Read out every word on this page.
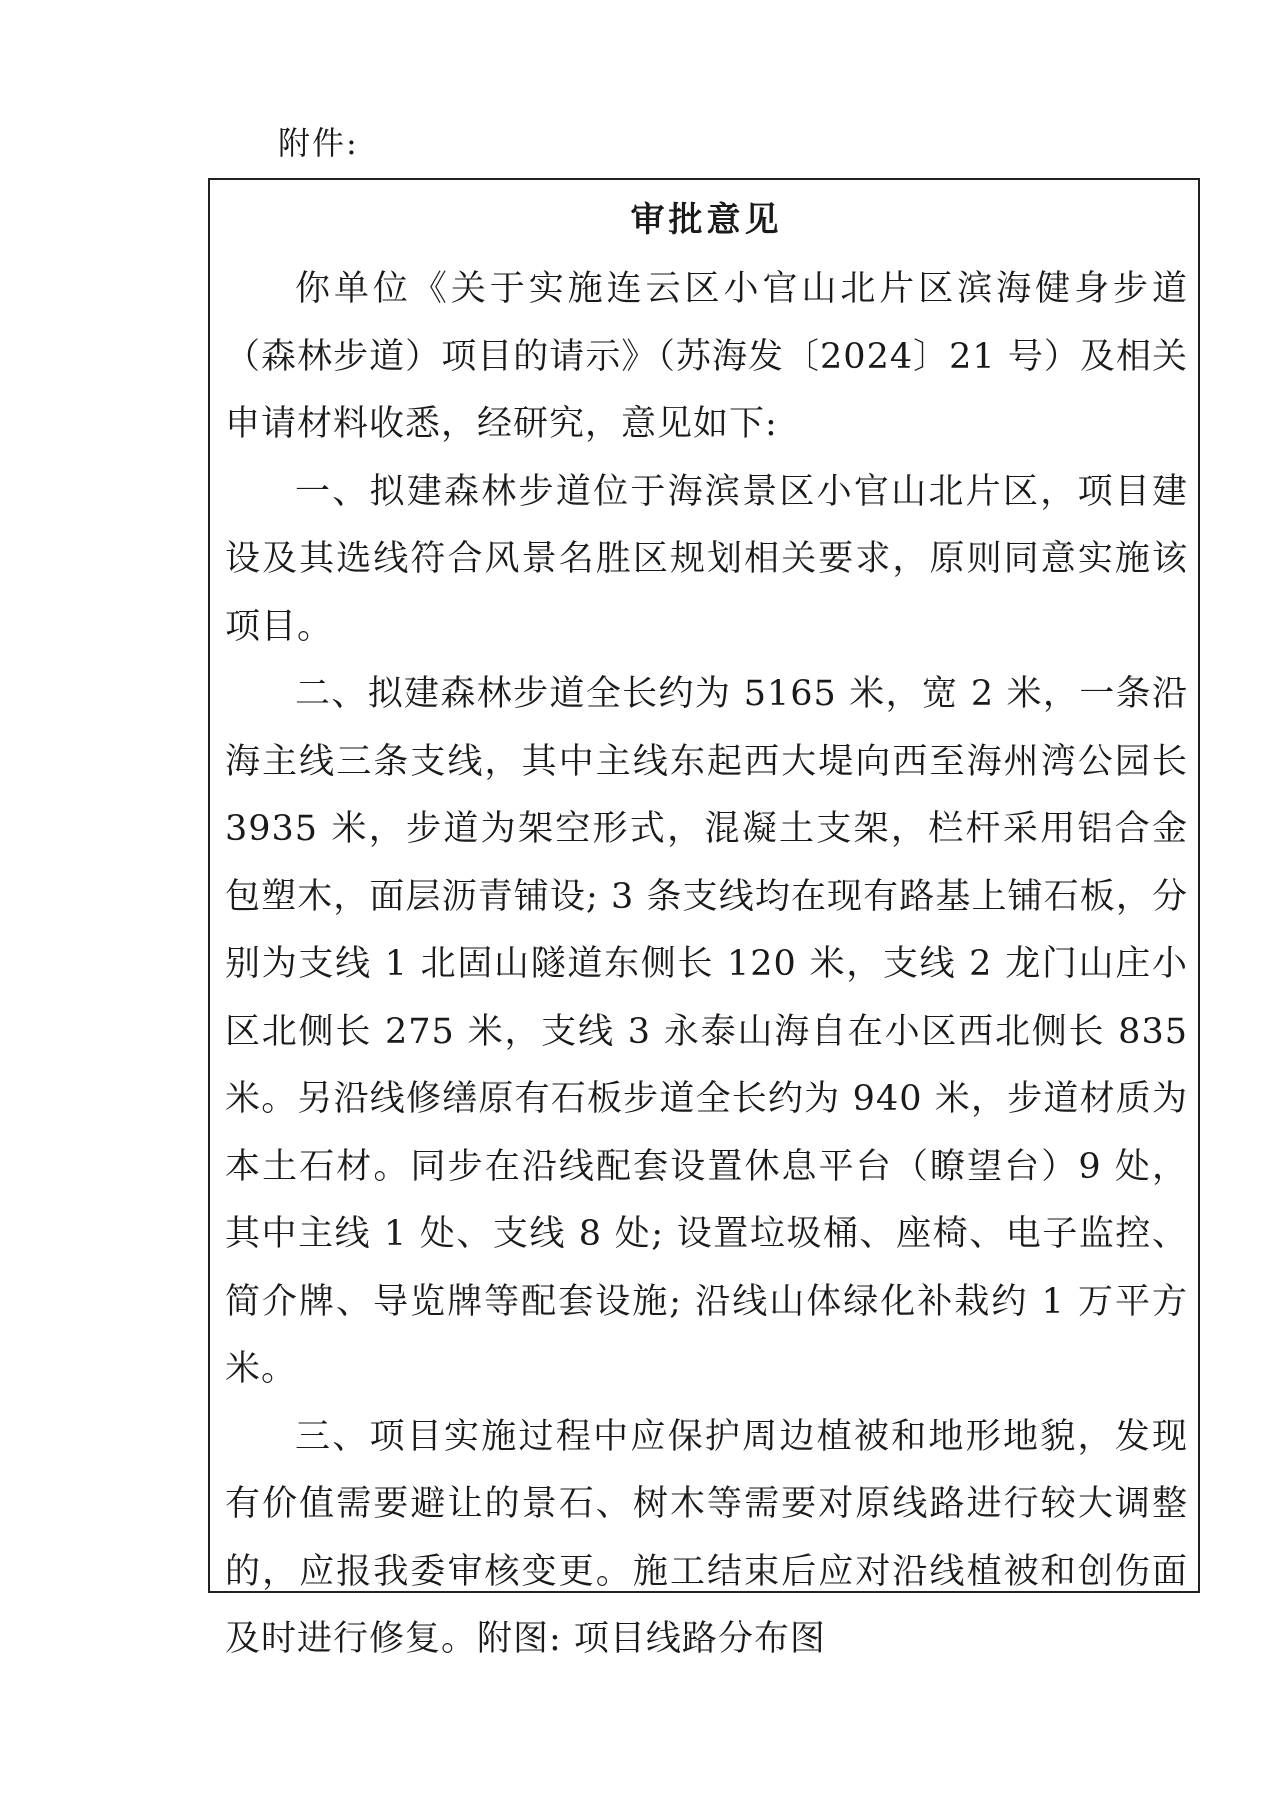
附件:
审批意见

你单位《关于实施连云区小官山北片区滨海健身步道（森林步道）项目的请示》（苏海发〔2024〕21 号）及相关申请材料收悉，经研究，意见如下:

一、拟建森林步道位于海滨景区小官山北片区，项目建设及其选线符合风景名胜区规划相关要求，原则同意实施该项目。

二、拟建森林步道全长约为 5165 米，宽 2 米，一条沿海主线三条支线，其中主线东起西大堤向西至海州湾公园长 3935 米，步道为架空形式，混凝土支架，栏杆采用铝合金包塑木，面层沥青铺设; 3 条支线均在现有路基上铺石板，分别为支线 1 北固山隧道东侧长 120 米，支线 2 龙门山庄小区北侧长 275 米，支线 3 永泰山海自在小区西北侧长 835 米。另沿线修缮原有石板步道全长约为 940 米，步道材质为本土石材。同步在沿线配套设置休息平台（瞭望台）9 处，其中主线 1 处、支线 8 处; 设置垃圾桶、座椅、电子监控、简介牌、导览牌等配套设施; 沿线山体绿化补栽约 1 万平方米。

三、项目实施过程中应保护周边植被和地形地貌，发现有价值需要避让的景石、树木等需要对原线路进行较大调整的，应报我委审核变更。施工结束后应对沿线植被和创伤面及时进行修复。附图: 项目线路分布图
